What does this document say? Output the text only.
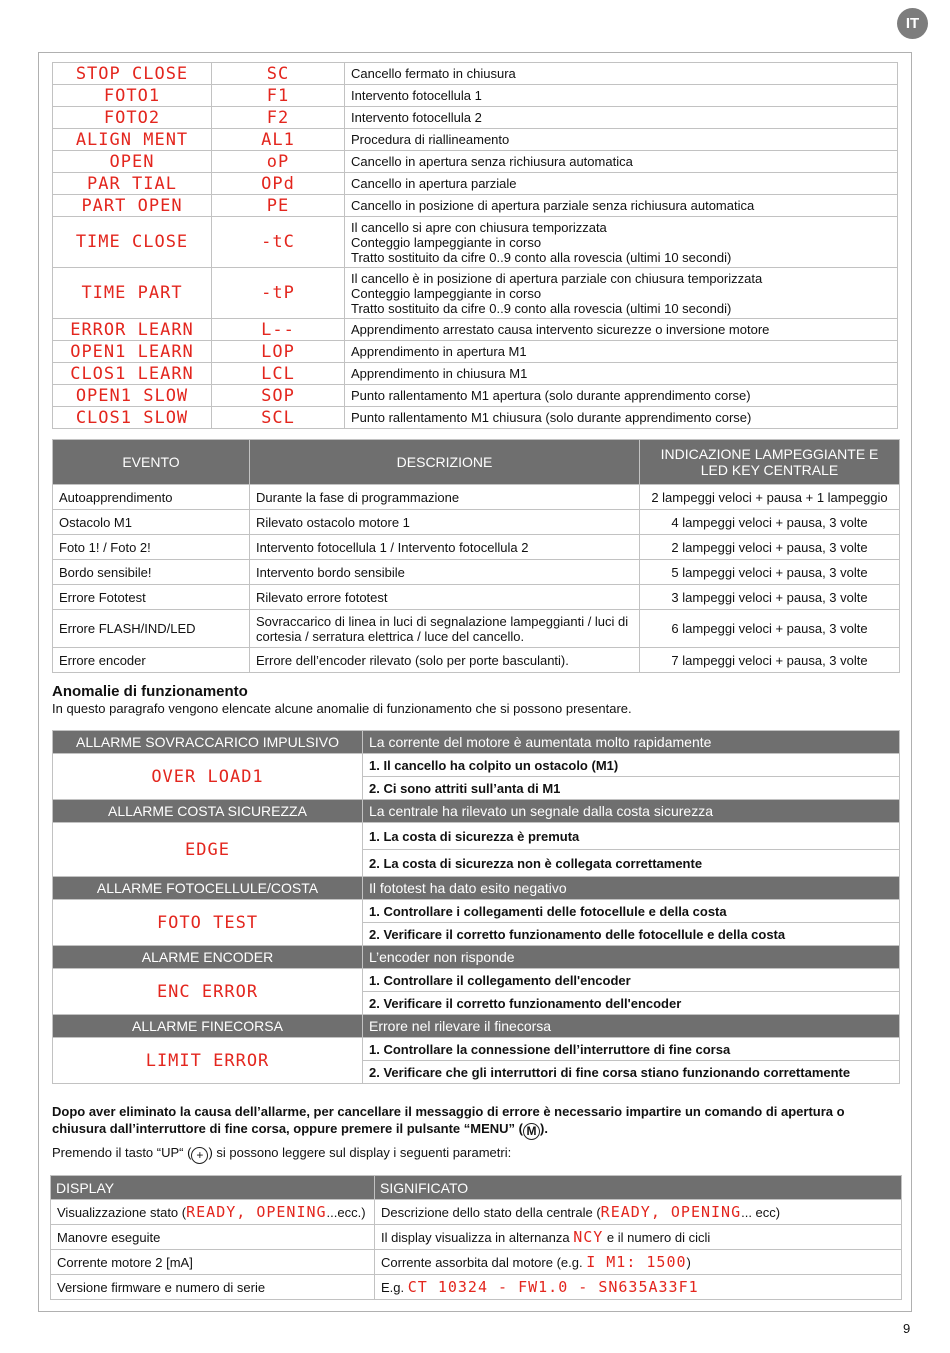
IT
STOP CLOSE	SC	Cancello fermato in chiusura

FOTO1	F1	Intervento fotocellula 1

FOTO2	F2	Intervento fotocellula 2

ALIGN MENT	AL1	Procedura di riallineamento

OPEN	oP	Cancello in apertura senza richiusura automatica

PAR TIAL	OPd	Cancello in apertura parziale

PART OPEN	PE	Cancello in posizione di apertura parziale senza richiusura automatica

TIME CLOSE	-tC	Il cancello si apre con chiusura temporizzata
Conteggio lampeggiante in corso
Tratto sostituito da cifre 0..9 conto alla rovescia (ultimi 10 secondi)

TIME PART	-tP	Il cancello è in posizione di apertura parziale con chiusura temporizzata
Conteggio lampeggiante in corso
Tratto sostituito da cifre 0..9 conto alla rovescia (ultimi 10 secondi)

ERROR LEARN	L--	Apprendimento arrestato causa intervento sicurezze o inversione motore

OPEN1 LEARN	LOP	Apprendimento in apertura M1

CLOS1 LEARN	LCL	Apprendimento in chiusura M1

OPEN1 SLOW	SOP	Punto rallentamento M1 apertura (solo durante apprendimento corse)

CLOS1 SLOW	SCL	Punto rallentamento M1 chiusura (solo durante apprendimento corse)
EVENTO	DESCRIZIONE	INDICAZIONE LAMPEGGIANTE E LED KEY CENTRALE
Autoapprendimento	Durante la fase di programmazione	2 lampeggi veloci + pausa + 1 lampeggio
Ostacolo M1	Rilevato ostacolo motore 1	4 lampeggi veloci + pausa, 3 volte
Foto 1! / Foto 2!	Intervento fotocellula 1 / Intervento fotocellula 2	2 lampeggi veloci + pausa, 3 volte
Bordo sensibile!	Intervento bordo sensibile	5 lampeggi veloci + pausa, 3 volte
Errore Fototest	Rilevato errore fototest	3 lampeggi veloci + pausa, 3 volte
Errore FLASH/IND/LED	Sovraccarico di linea in luci di segnalazione lampeggianti / luci di cortesia / serratura elettrica / luce del cancello.	6 lampeggi veloci + pausa, 3 volte
Errore encoder	Errore dell’encoder rilevato (solo per porte basculanti).	7 lampeggi veloci + pausa, 3 volte
Anomalie di funzionamento
In questo paragrafo vengono elencate alcune anomalie di funzionamento che si possono presentare.
ALLARME SOVRACCARICO IMPULSIVO	La corrente del motore è aumentata molto rapidamente
OVER LOAD1	1. Il cancello ha colpito un ostacolo (M1)
	2. Ci sono attriti sull’anta di M1
ALLARME COSTA SICUREZZA	La centrale ha rilevato un segnale dalla costa sicurezza
EDGE	1. La costa di sicurezza è premuta
	2. La costa di sicurezza non è collegata correttamente
ALLARME FOTOCELLULE/COSTA	Il fototest ha dato esito negativo
FOTO TEST	1. Controllare i collegamenti delle fotocellule e della costa
	2. Verificare il corretto funzionamento delle fotocellule e della costa
ALARME ENCODER	L’encoder non risponde
ENC ERROR	1. Controllare il collegamento dell'encoder
	2. Verificare il corretto funzionamento dell'encoder
ALLARME FINECORSA	Errore nel rilevare il finecorsa
LIMIT ERROR	1. Controllare la connessione dell’interruttore di fine corsa
	2. Verificare che gli interruttori di fine corsa stiano funzionando correttamente
Dopo aver eliminato la causa dell’allarme, per cancellare il messaggio di errore è necessario impartire un comando di apertura o
chiusura dall’interruttore di fine corsa, oppure premere il pulsante “MENU” ( M ).
Premendo il tasto “UP“ ( + ) si possono leggere sul display i seguenti parametri:
DISPLAY	SIGNIFICATO
Visualizzazione stato (READY, OPENING...ecc.)	Descrizione dello stato della centrale (READY, OPENING... ecc)
Manovre eseguite	Il display visualizza in alternanza NCY e il numero di cicli
Corrente motore 2 [mA]	Corrente assorbita dal motore (e.g. I M1: 1500)
Versione firmware e numero di serie	E.g. CT 10324 - FW1.0 - SN635A33F1
9
